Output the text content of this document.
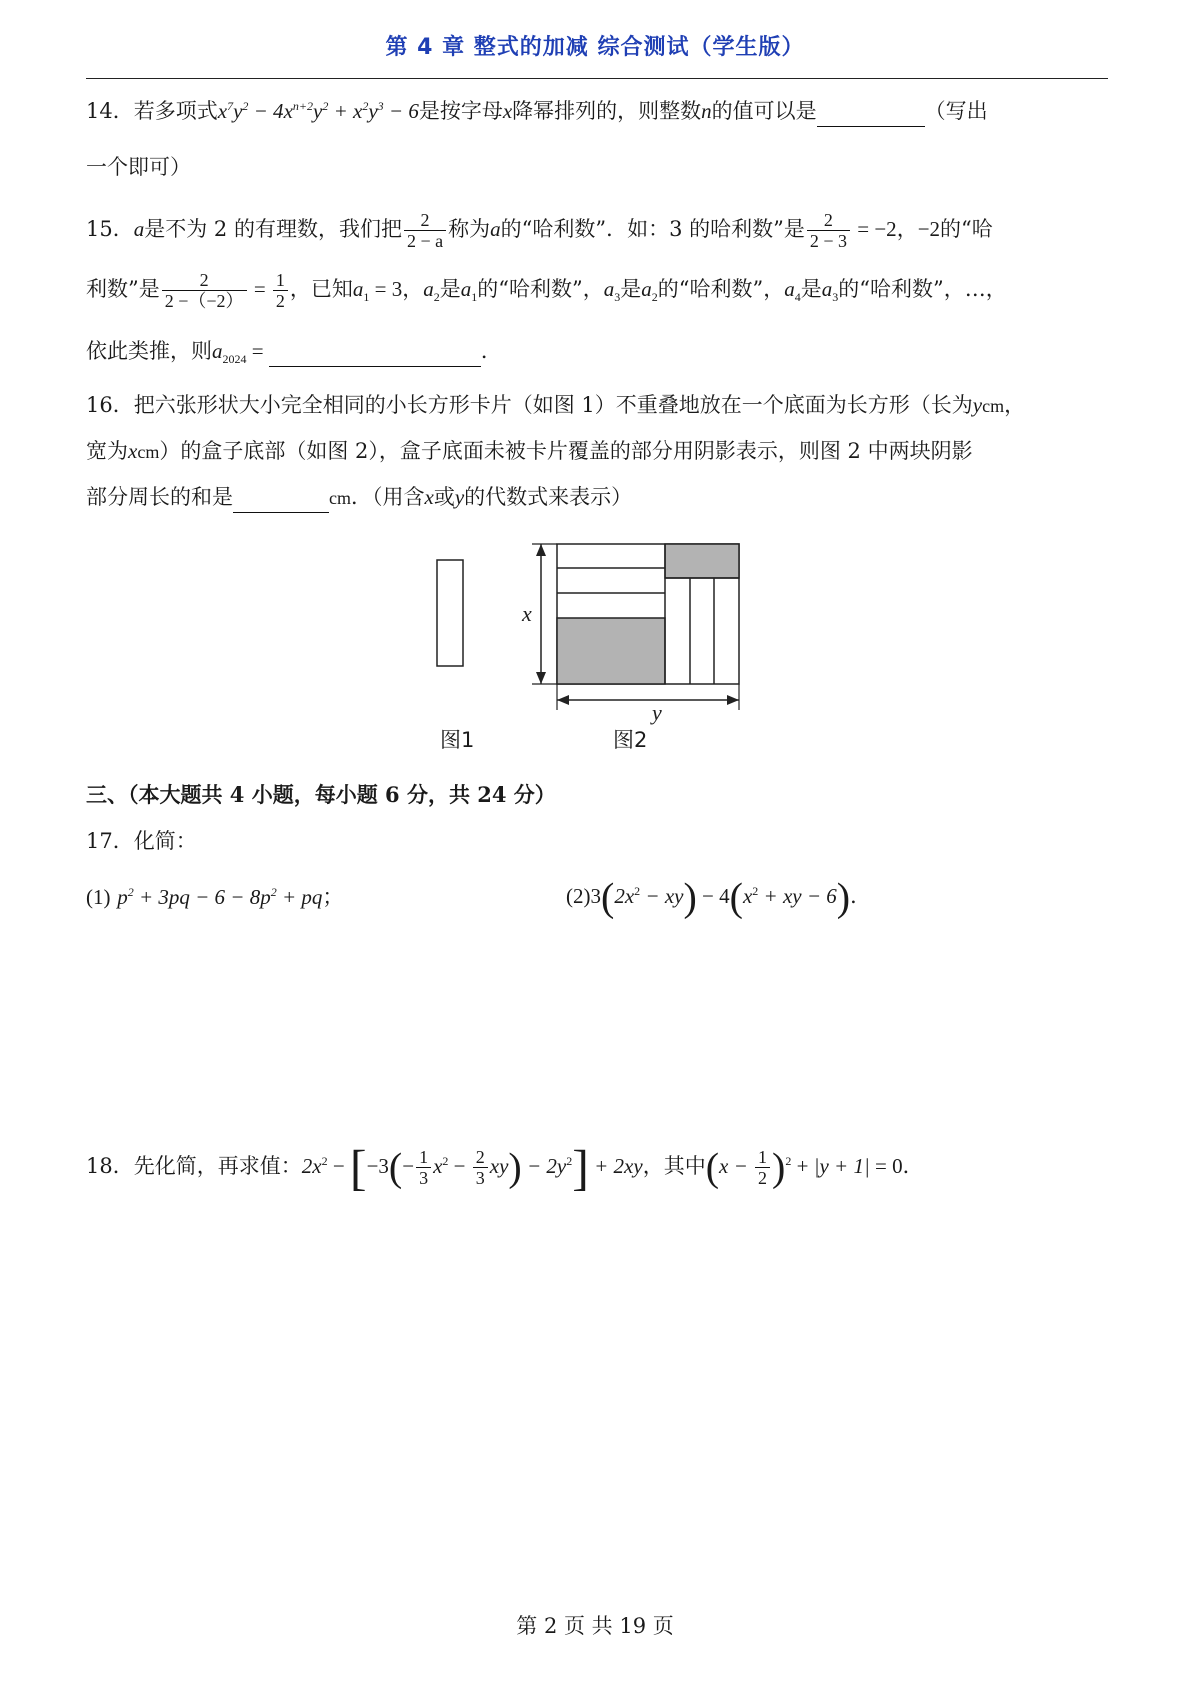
第 4 章 整式的加减 综合测试（学生版）
14．若多项式$x^7y^2 - 4x^{n+2}y^2 + x^2y^3 - 6$是按字母x降幂排列的，则整数n的值可以是	（写出
一个即可）
15．a是不为 2 的有理数，我们把 $\frac{2}{2 - a}$ 称为a的“哈利数”．如：3 的哈利数”是 $\frac{2}{2 - 3} = -2$，−2的“哈
利数”是 $\frac{2}{2 -(-2)} = \frac{1}{2}$ ，已知$a_1 = 3$，$a_2$是$a_1$的“哈利数”，$a_3$是$a_2$的“哈利数”，$a_4$是$a_3$的“哈利数”，…，
依此类推，则$a_{2024}$ =	．
16．把六张形状大小完全相同的小长方形卡片（如图 1）不重叠地放在一个底面为长方形（长为ycm，
宽为xcm）的盒子底部（如图 2），盒子底面未被卡片覆盖的部分用阴影表示，则图 2 中两块阴影
部分周长的和是	cm．（用含x或y的代数式来表示）
x
y
图1	图2
三、（本大题共 4 小题，每小题 6 分，共 24 分）
17．化简：
(1) $p^2 + 3pq - 6 - 8p^2$ + pq；	$(2)3(2x^2 - xy) - 4(x^2$ + xy − 6)．
18．先化简，再求值：$2x^2 - [-3(- \frac{1}{3} x^2 - \frac{2}{3} xy) - 2y^2] + 2xy$，其中$(x - \frac{1}{2} )^2 + |y + 1| = 0$．
第 2 页 共 19 页
